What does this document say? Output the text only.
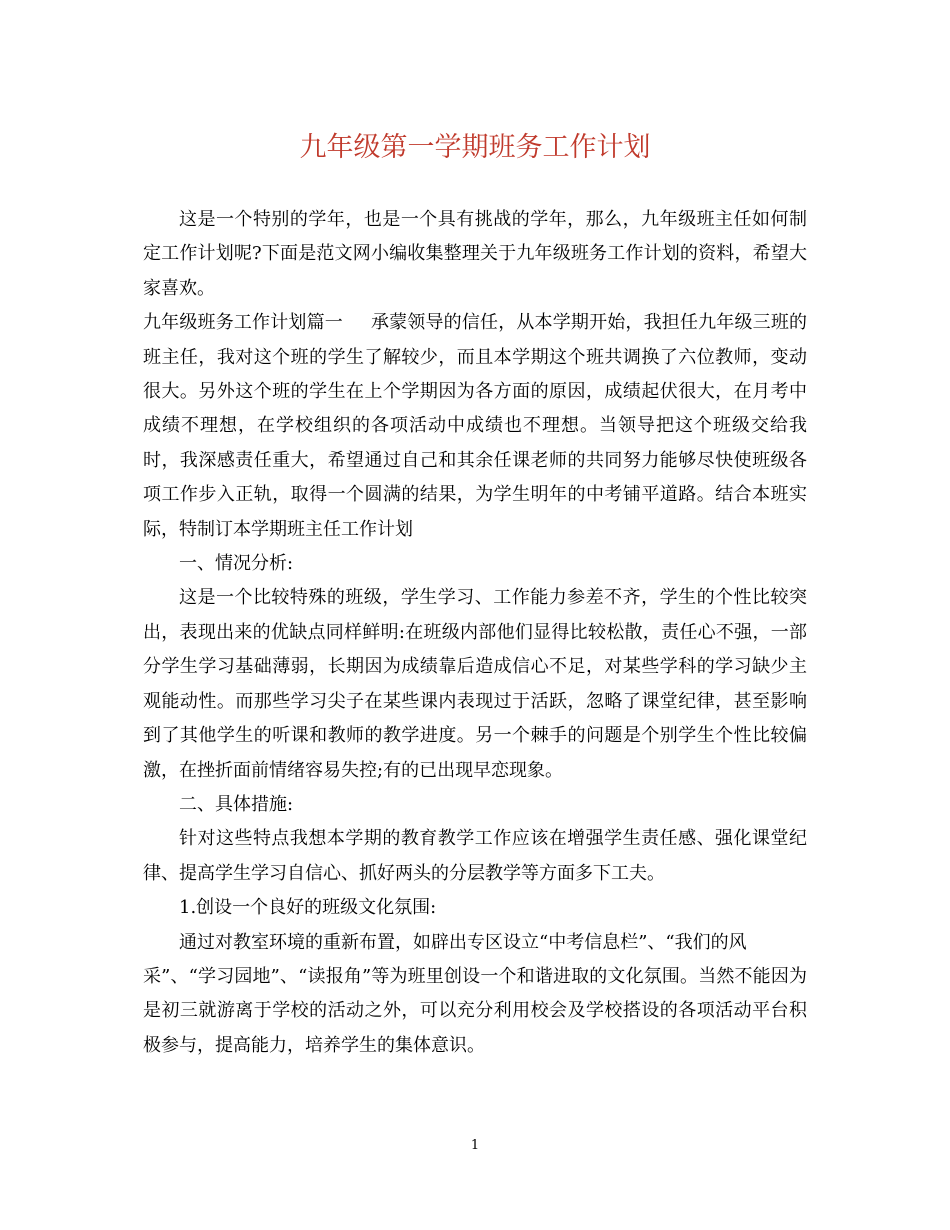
九年级第一学期班务工作计划

这是一个特别的学年，也是一个具有挑战的学年，那么，九年级班主任如何制定工作计划呢?下面是范文网小编收集整理关于九年级班务工作计划的资料，希望大家喜欢。

九年级班务工作计划篇一 承蒙领导的信任，从本学期开始，我担任九年级三班的班主任，我对这个班的学生了解较少，而且本学期这个班共调换了六位教师，变动很大。另外这个班的学生在上个学期因为各方面的原因，成绩起伏很大，在月考中成绩不理想，在学校组织的各项活动中成绩也不理想。当领导把这个班级交给我时，我深感责任重大，希望通过自己和其余任课老师的共同努力能够尽快使班级各项工作步入正轨，取得一个圆满的结果，为学生明年的中考铺平道路。结合本班实际，特制订本学期班主任工作计划

一、情况分析:

这是一个比较特殊的班级，学生学习、工作能力参差不齐，学生的个性比较突出，表现出来的优缺点同样鲜明:在班级内部他们显得比较松散，责任心不强，一部分学生学习基础薄弱，长期因为成绩靠后造成信心不足，对某些学科的学习缺少主观能动性。而那些学习尖子在某些课内表现过于活跃，忽略了课堂纪律，甚至影响到了其他学生的听课和教师的教学进度。另一个棘手的问题是个别学生个性比较偏激，在挫折面前情绪容易失控;有的已出现早恋现象。

二、具体措施:

针对这些特点我想本学期的教育教学工作应该在增强学生责任感、强化课堂纪律、提高学生学习自信心、抓好两头的分层教学等方面多下工夫。

1.创设一个良好的班级文化氛围:

通过对教室环境的重新布置，如辟出专区设立“中考信息栏”、“我们的风

采”、“学习园地”、“读报角”等为班里创设一个和谐进取的文化氛围。当然不能因为是初三就游离于学校的活动之外，可以充分利用校会及学校搭设的各项活动平台积极参与，提高能力，培养学生的集体意识。

1
